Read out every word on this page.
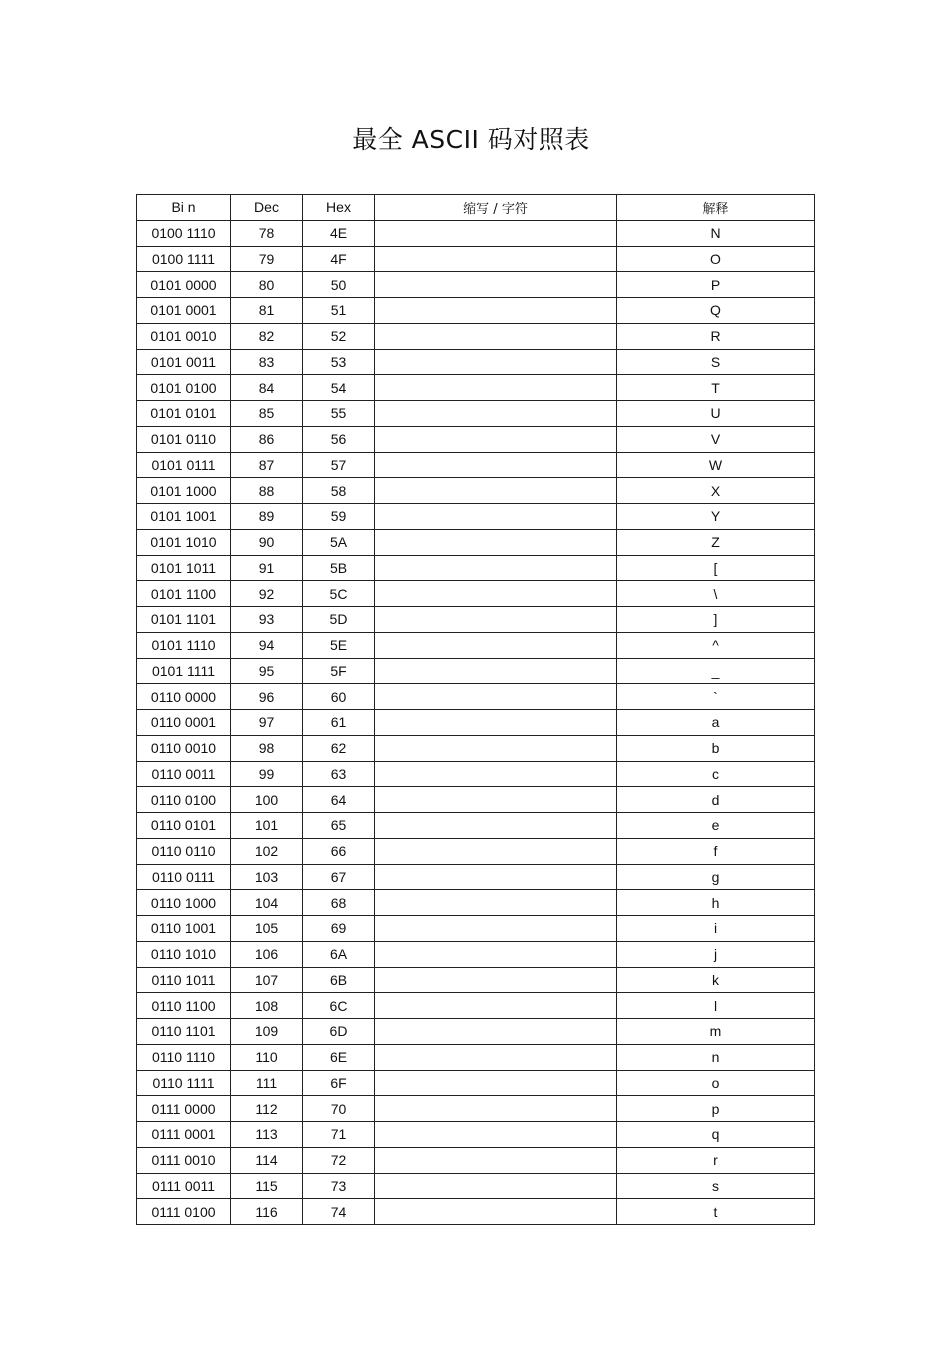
最全 ASCII 码对照表
Bi n	Dec	Hex	缩写 / 字符	解释
0100 1110	78	4E		N
0100 1111	79	4F		O
0101 0000	80	50		P
0101 0001	81	51		Q
0101 0010	82	52		R
0101 0011	83	53		S
0101 0100	84	54		T
0101 0101	85	55		U
0101 0110	86	56		V
0101 0111	87	57		W
0101 1000	88	58		X
0101 1001	89	59		Y
0101 1010	90	5A		Z
0101 1011	91	5B		[
0101 1100	92	5C		\
0101 1101	93	5D		]
0101 1110	94	5E		^
0101 1111	95	5F		_
0110 0000	96	60		`
0110 0001	97	61		a
0110 0010	98	62		b
0110 0011	99	63		c
0110 0100	100	64		d
0110 0101	101	65		e
0110 0110	102	66		f
0110 0111	103	67		g
0110 1000	104	68		h
0110 1001	105	69		i
0110 1010	106	6A		j
0110 1011	107	6B		k
0110 1100	108	6C		l
0110 1101	109	6D		m
0110 1110	110	6E		n
0110 1111	111	6F		o
0111 0000	112	70		p
0111 0001	113	71		q
0111 0010	114	72		r
0111 0011	115	73		s
0111 0100	116	74		t
